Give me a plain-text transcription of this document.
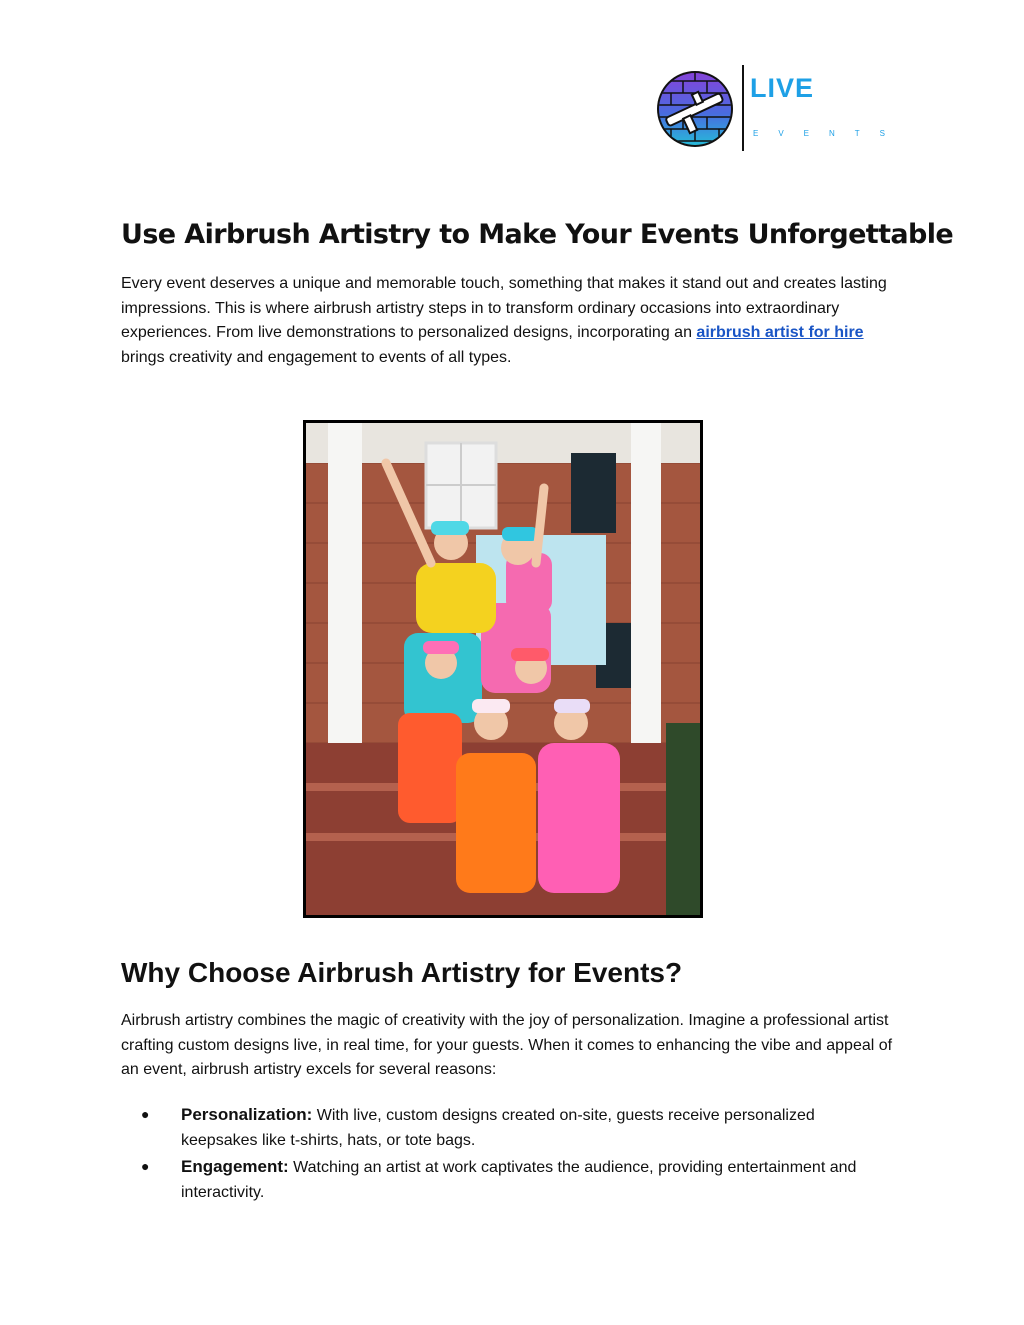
LIVE
EVENTS
Use Airbrush Artistry to Make Your Events Unforgettable

Every event deserves a unique and memorable touch, something that makes it stand out and creates lasting impressions. This is where airbrush artistry steps in to transform ordinary occasions into extraordinary experiences. From live demonstrations to personalized designs, incorporating an airbrush artist for hire brings creativity and engagement to events of all types.

Why Choose Airbrush Artistry for Events?

Airbrush artistry combines the magic of creativity with the joy of personalization. Imagine a professional artist crafting custom designs live, in real time, for your guests. When it comes to enhancing the vibe and appeal of an event, airbrush artistry excels for several reasons:

● Personalization: With live, custom designs created on-site, guests receive personalized keepsakes like t-shirts, hats, or tote bags.
● Engagement: Watching an artist at work captivates the audience, providing entertainment and interactivity.
